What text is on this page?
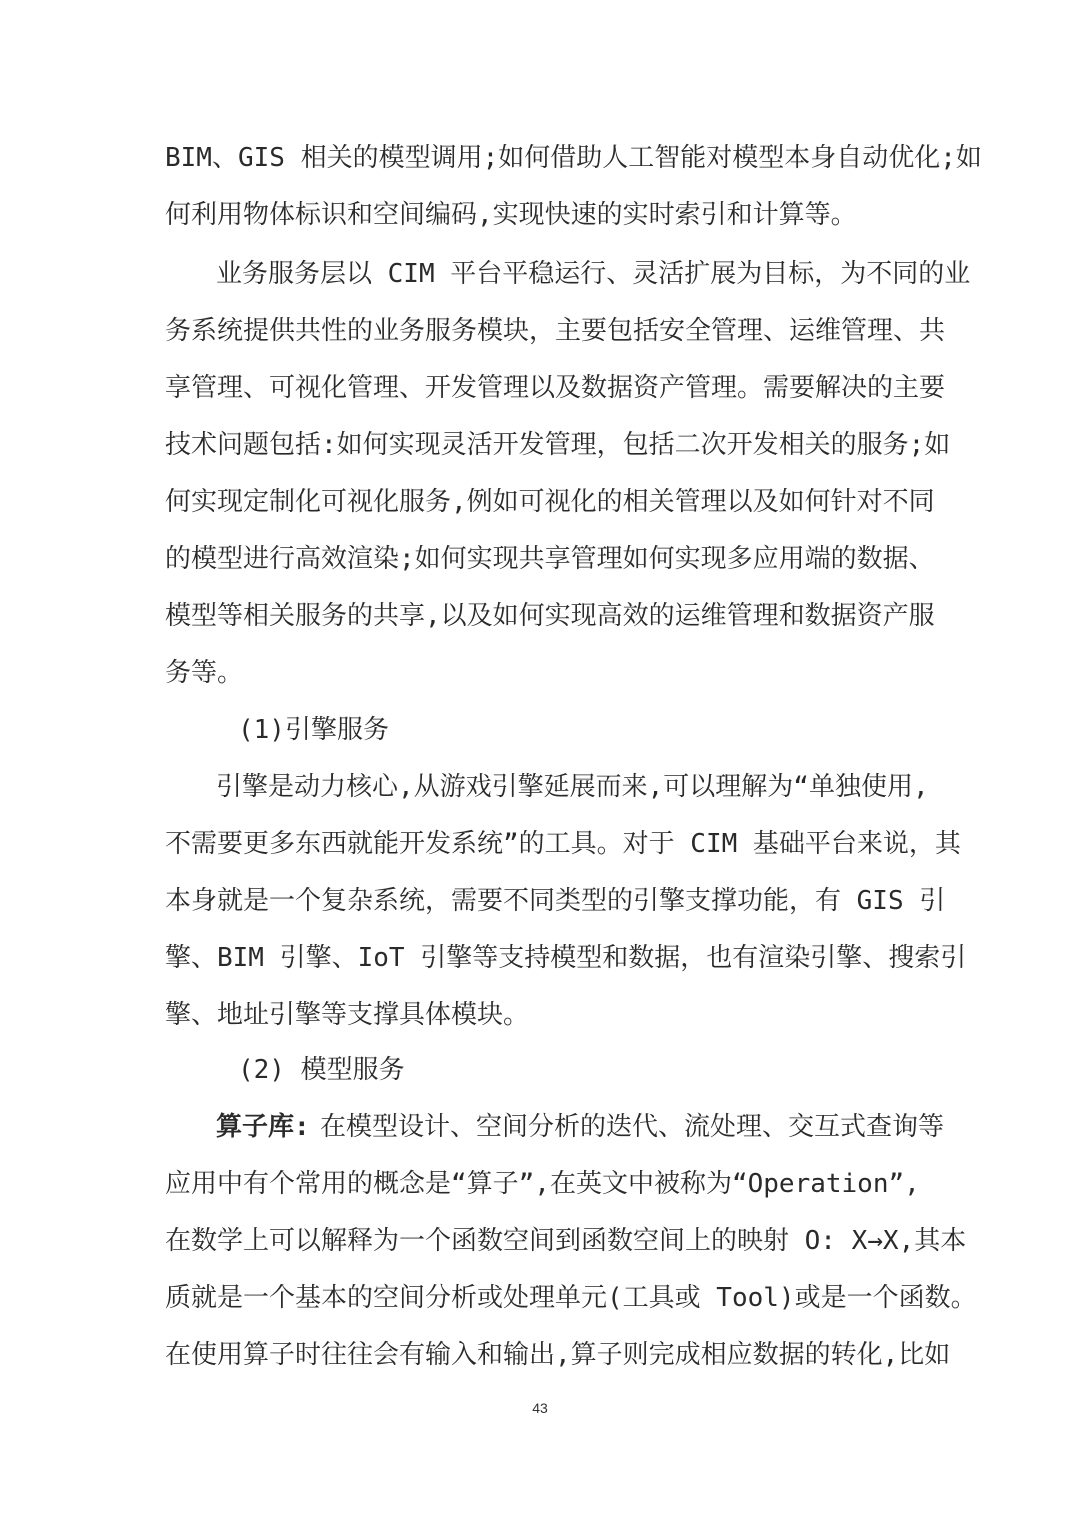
BIM、GIS 相关的模型调用;如何借助人工智能对模型本身自动优化;如
何利用物体标识和空间编码,实现快速的实时索引和计算等。
业务服务层以 CIM 平台平稳运行、灵活扩展为目标，为不同的业
务系统提供共性的业务服务模块，主要包括安全管理、运维管理、共
享管理、可视化管理、开发管理以及数据资产管理。需要解决的主要
技术问题包括:如何实现灵活开发管理，包括二次开发相关的服务;如
何实现定制化可视化服务,例如可视化的相关管理以及如何针对不同
的模型进行高效渲染;如何实现共享管理如何实现多应用端的数据、
模型等相关服务的共享,以及如何实现高效的运维管理和数据资产服
务等。
(1)引擎服务
引擎是动力核心,从游戏引擎延展而来,可以理解为“单独使用,
不需要更多东西就能开发系统”的工具。对于 CIM 基础平台来说，其
本身就是一个复杂系统，需要不同类型的引擎支撑功能，有 GIS 引
擎、BIM 引擎、IoT 引擎等支持模型和数据，也有渲染引擎、搜索引
擎、地址引擎等支撑具体模块。
(2) 模型服务
算子库: 在模型设计、空间分析的迭代、流处理、交互式查询等
应用中有个常用的概念是“算子”,在英文中被称为“Operation”,
在数学上可以解释为一个函数空间到函数空间上的映射 O: X→X,其本
质就是一个基本的空间分析或处理单元(工具或 Tool)或是一个函数。
在使用算子时往往会有输入和输出,算子则完成相应数据的转化,比如
43
